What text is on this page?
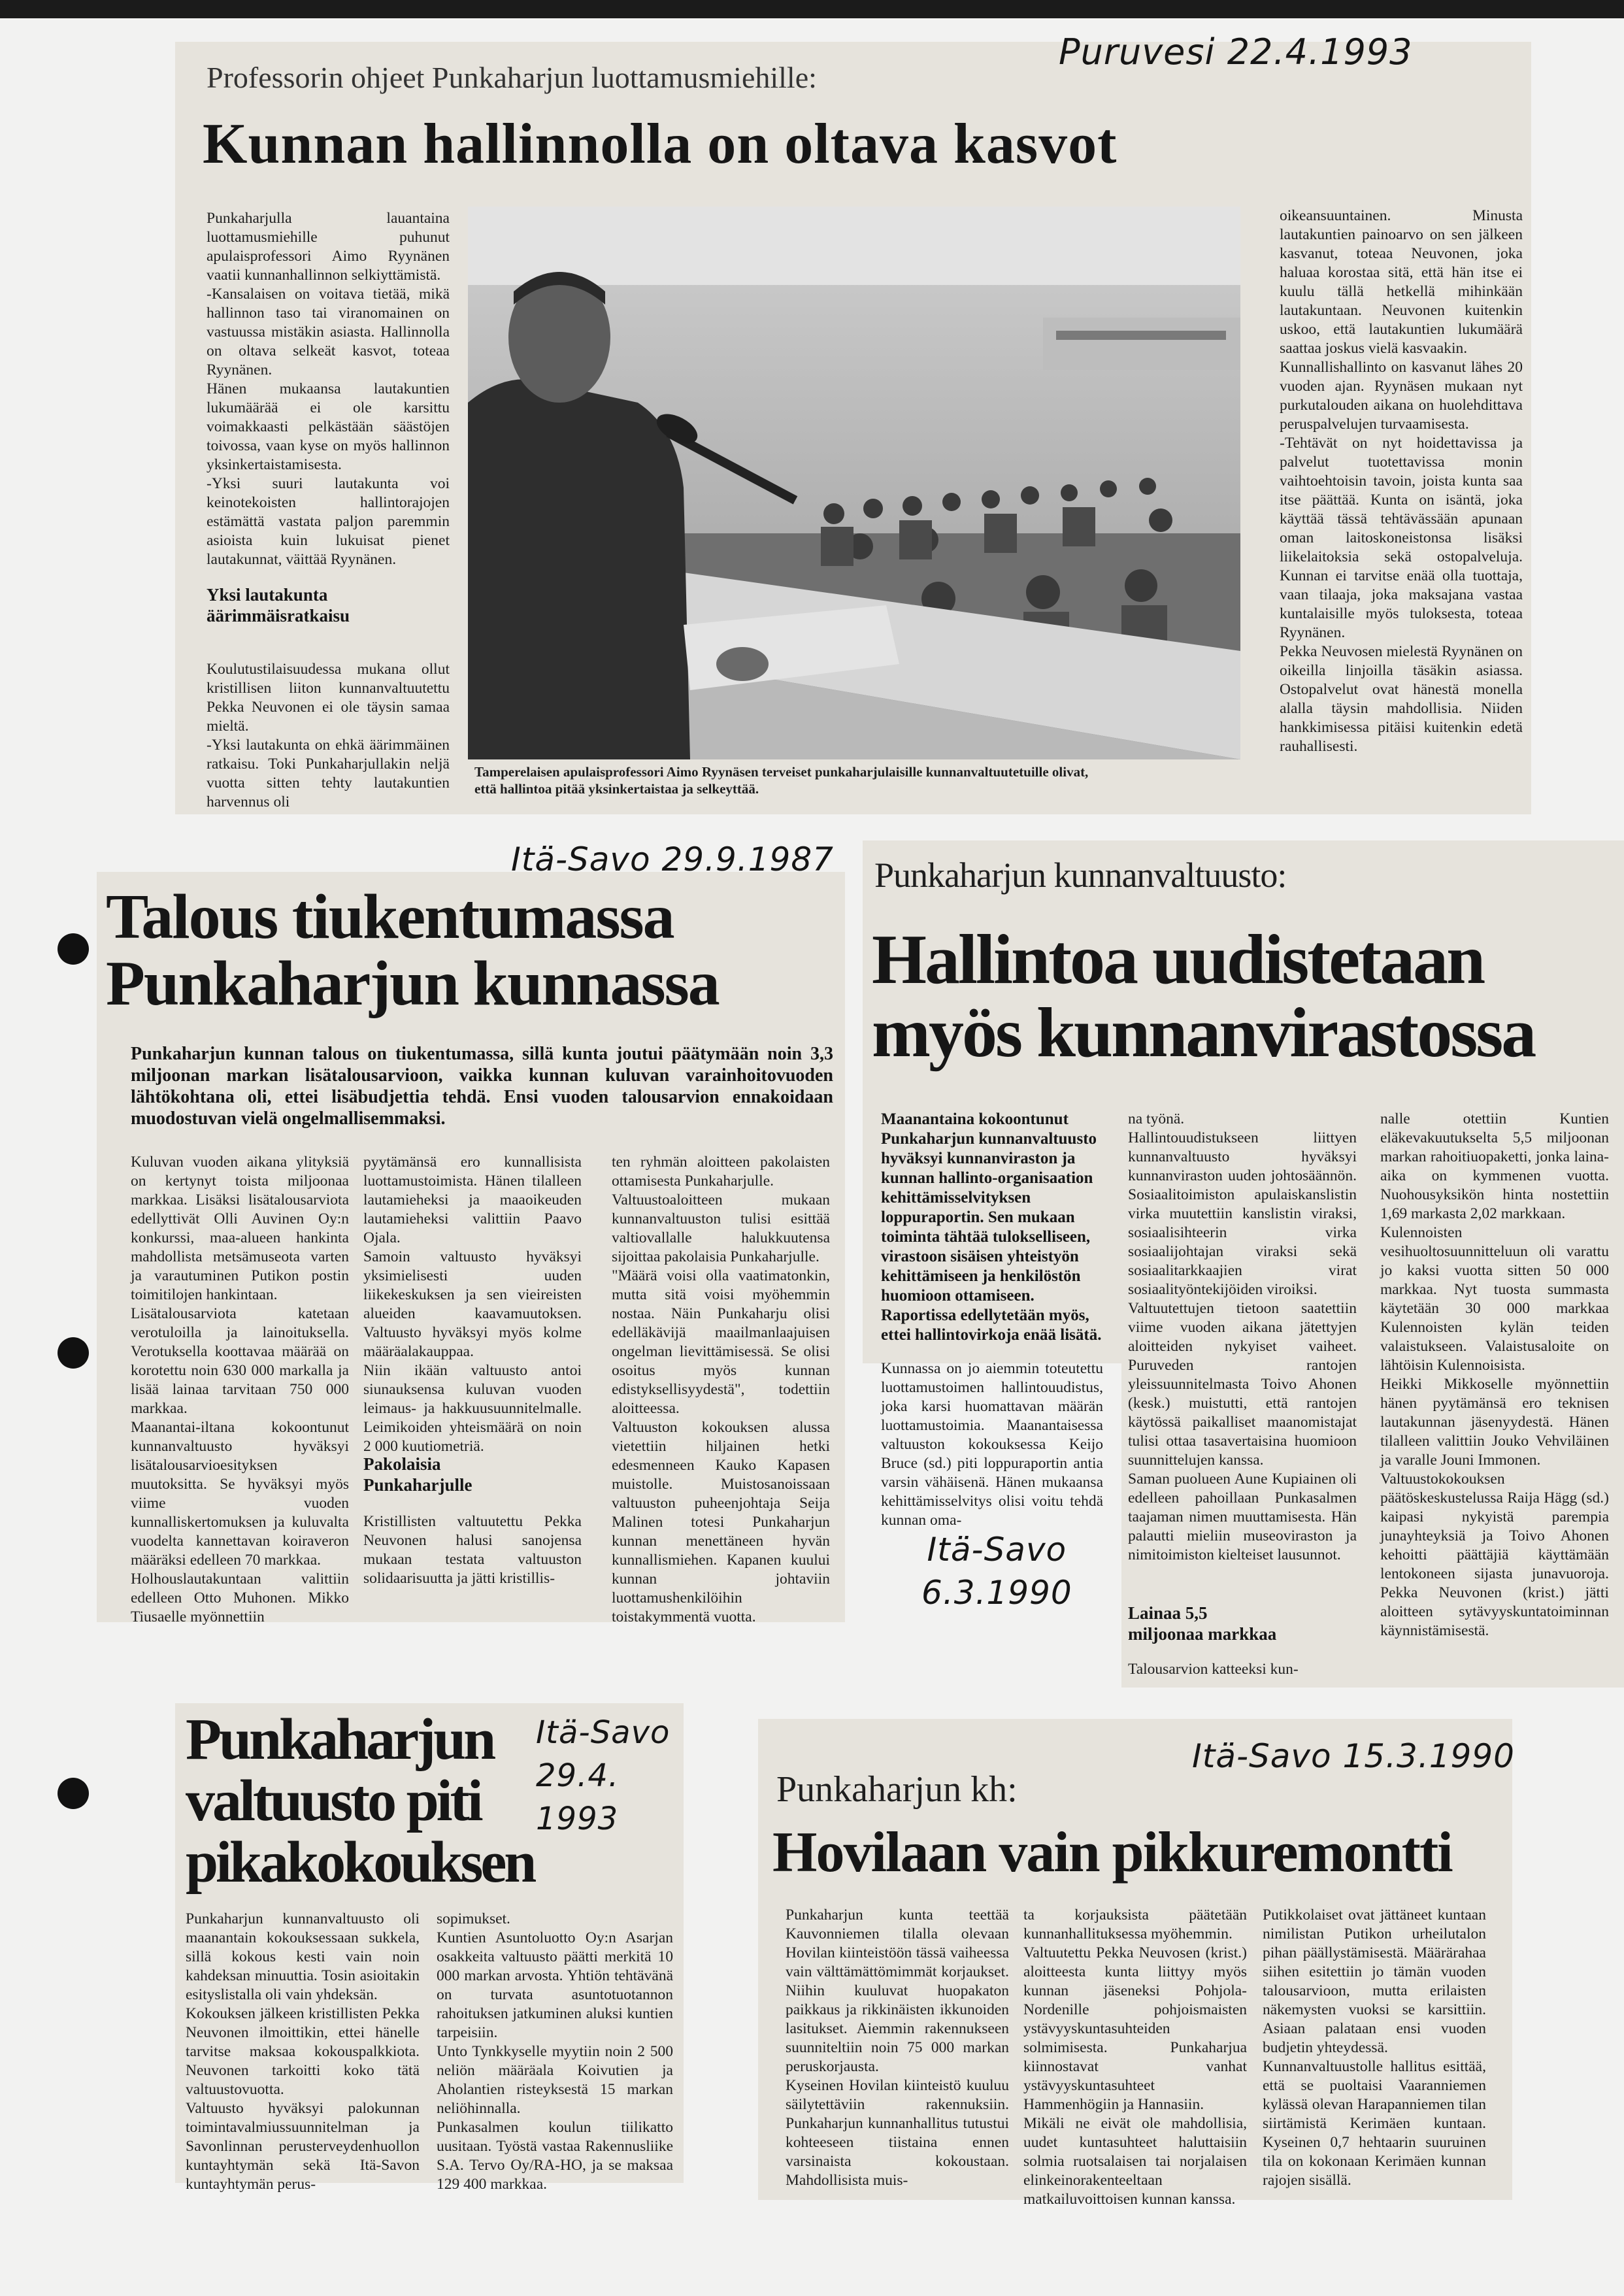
Professorin ohjeet Punkaharjun luottamusmiehille:
Kunnan hallinnolla on oltava kasvot
Punkaharjulla lauantaina luottamusmiehille puhunut apulaisprofessori Aimo Ryynänen vaatii kunnanhallinnon selkiyttämistä.
-Kansalaisen on voitava tietää, mikä hallinnon taso tai viranomainen on vastuussa mistäkin asiasta. Hallinnolla on oltava selkeät kasvot, toteaa Ryynänen.
Hänen mukaansa lautakuntien lukumäärää ei ole karsittu voimakkaasti pelkästään säästöjen toivossa, vaan kyse on myös hallinnon yksinkertaistamisesta.
-Yksi suuri lautakunta voi keinotekoisten hallintorajojen estämättä vastata paljon paremmin asioista kuin lukuisat pienet lautakunnat, väittää Ryynänen.
Yksi lautakunta
äärimmäisratkaisu
Koulutustilaisuudessa mukana ollut kristillisen liiton kunnanvaltuutettu Pekka Neuvonen ei ole täysin samaa mieltä.
-Yksi lautakunta on ehkä äärimmäinen ratkaisu. Toki Punkaharjullakin neljä vuotta sitten tehty lautakuntien harvennus oli
Tamperelaisen apulaisprofessori Aimo Ryynäsen terveiset punkaharjulaisille kunnanvaltuutetuille olivat,
että hallintoa pitää yksinkertaistaa ja selkeyttää.
oikeansuuntainen. Minusta lautakuntien painoarvo on sen jälkeen kasvanut, toteaa Neuvonen, joka haluaa korostaa sitä, että hän itse ei kuulu tällä hetkellä mihinkään lautakuntaan. Neuvonen kuitenkin uskoo, että lautakuntien lukumäärä saattaa joskus vielä kasvaakin.
Kunnallishallinto on kasvanut lähes 20 vuoden ajan. Ryynäsen mukaan nyt purkutalouden aikana on huolehdittava peruspalvelujen turvaamisesta.
-Tehtävät on nyt hoidettavissa ja palvelut tuotettavissa monin vaihtoehtoisin tavoin, joista kunta saa itse päättää. Kunta on isäntä, joka käyttää tässä tehtävässään apunaan oman laitoskoneistonsa lisäksi liikelaitoksia sekä ostopalveluja. Kunnan ei tarvitse enää olla tuottaja, vaan tilaaja, joka maksajana vastaa kuntalaisille myös tuloksesta, toteaa Ryynänen.
Pekka Neuvosen mielestä Ryynänen on oikeilla linjoilla täsäkin asiassa. Ostopalvelut ovat hänestä monella alalla täysin mahdollisia. Niiden hankkimisessa pitäisi kuitenkin edetä rauhallisesti.
Puruvesi 22.4.1993
Talous tiukentumassa
Punkaharjun kunnassa
Punkaharjun kunnan talous on tiukentumassa, sillä kunta joutui päätymään noin 3,3 miljoonan markan lisätalousarvioon, vaikka kunnan kuluvan varainhoitovuoden lähtökohtana oli, ettei lisäbudjettia tehdä. Ensi vuoden talousarvion ennakoidaan muodostuvan vielä ongelmallisemmaksi.
Kuluvan vuoden aikana ylityksiä on kertynyt toista miljoonaa markkaa. Lisäksi lisätalousarviota edellyttivät Olli Auvinen Oy:n konkurssi, maa-alueen hankinta mahdollista metsämuseota varten ja varautuminen Putikon postin toimitilojen hankintaan.
Lisätalousarviota katetaan verotuloilla ja lainoituksella. Verotuksella koottavaa määrää on korotettu noin 630 000 markalla ja lisää lainaa tarvitaan 750 000 markkaa.
Maanantai-iltana kokoontunut kunnanvaltuusto hyväksyi lisätalousarvioesityksen muutoksitta. Se hyväksyi myös viime vuoden kunnalliskertomuksen ja kuluvalta vuodelta kannettavan koiraveron määräksi edelleen 70 markkaa.
Holhouslautakuntaan valittiin edelleen Otto Muhonen. Mikko Tiusaelle myönnettiin
pyytämänsä ero kunnallisista luottamustoimista. Hänen tilalleen lautamieheksi ja maaoikeuden lautamieheksi valittiin Paavo Ojala.
Samoin valtuusto hyväksyi yksimielisesti uuden liikekeskuksen ja sen vieireisten alueiden kaavamuutoksen. Valtuusto hyväksyi myös kolme määräalakauppaa.
Niin ikään valtuusto antoi siunauksensa kuluvan vuoden leimaus- ja hakkuusuunnitelmalle. Leimikoiden yhteismäärä on noin 2 000 kuutiometriä.
Pakolaisia
Punkaharjulle
Kristillisten valtuutettu Pekka Neuvonen halusi sanojensa mukaan testata valtuuston solidaarisuutta ja jätti kristillis-
ten ryhmän aloitteen pakolaisten ottamisesta Punkaharjulle.
Valtuustoaloitteen mukaan kunnanvaltuuston tulisi esittää valtiovallalle halukkuutensa sijoittaa pakolaisia Punkaharjulle.
"Määrä voisi olla vaatimatonkin, mutta sitä voisi myöhemmin nostaa. Näin Punkaharju olisi edelläkävijä maailmanlaajuisen ongelman lievittämisessä. Se olisi osoitus myös kunnan edistyksellisyydestä", todettiin aloitteessa.
Valtuuston kokouksen alussa vietettiin hiljainen hetki edesmenneen Kauko Kapasen muistolle. Muistosanoissaan valtuuston puheenjohtaja Seija Malinen totesi Punkaharjun kunnan menettäneen hyvän kunnallismiehen. Kapanen kuului kunnan johtaviin luottamushenkilöihin toistakymmentä vuotta.
Itä-Savo 29.9.1987 Punkaharjun kunnanvaltuusto:
Hallintoa uudistetaan
myös kunnanvirastossa
Maanantaina kokoontunut Punkaharjun kunnanvaltuusto hyväksyi kunnanviraston ja kunnan hallinto-organisaation kehittämisselvityksen loppuraportin. Sen mukaan toiminta tähtää tulokselliseen, virastoon sisäisen yhteistyön kehittämiseen ja henkilöstön huomioon ottamiseen. Raportissa edellytetään myös, ettei hallintovirkoja enää lisätä.
Kunnassa on jo aiemmin toteutettu luottamustoimen hallintouudistus, joka karsi huomattavan määrän luottamustoimia. Maanantaisessa valtuuston kokouksessa Keijo Bruce (sd.) piti loppuraportin antia varsin vähäisenä. Hänen mukaansa kehittämisselvitys olisi voitu tehdä kunnan oma-
na työnä.
Hallintouudistukseen liittyen kunnanvaltuusto hyväksyi kunnanviraston uuden johtosäännön. Sosiaalitoimiston apulaiskanslistin virka muutettiin kanslistin viraksi, sosiaalisihteerin virka sosiaalijohtajan viraksi sekä sosiaalitarkkaajien virat sosiaalityöntekijöiden viroiksi.
Valtuutettujen tietoon saatettiin viime vuoden aikana jätettyjen aloitteiden nykyiset vaiheet. Puruveden rantojen yleissuunnitelmasta Toivo Ahonen (kesk.) muistutti, että rantojen käytössä paikalliset maanomistajat tulisi ottaa tasavertaisina huomioon suunnittelujen kanssa.
Saman puolueen Aune Kupiainen oli edelleen pahoillaan Punkasalmen taajaman nimen muuttamisesta. Hän palautti mieliin museoviraston ja nimitoimiston kielteiset lausunnot.
Lainaa 5,5
miljoonaa markkaa
Talousarvion katteeksi kun-
nalle otettiin Kuntien eläkevakuutukselta 5,5 miljoonan markan rahoitiuopaketti, jonka laina-aika on kymmenen vuotta. Nuohousyksikön hinta nostettiin 1,69 markasta 2,02 markkaan.
Kulennoisten vesihuoltosuunnitteluun oli varattu jo kaksi vuotta sitten 50 000 markkaa. Nyt tuosta summasta käytetään 30 000 markkaa Kulennoisten kylän teiden valaistukseen. Valaistusaloite on lähtöisin Kulennoisista.
Heikki Mikkoselle myönnettiin hänen pyytämänsä ero teknisen lautakunnan jäsenyydestä. Hänen tilalleen valittiin Jouko Vehviläinen ja varalle Jouni Immonen.
Valtuustokokouksen päätöskeskustelussa Raija Hägg (sd.) kaipasi nykyistä parempia junayhteyksiä ja Toivo Ahonen kehoitti päättäjiä käyttämään lentokoneen sijasta junavuoroja. Pekka Neuvonen (krist.) jätti aloitteen sytävyyskuntatoiminnan käynnistämisestä.
Itä-Savo
6.3.1990
Punkaharjun
valtuusto piti
pikakokouksen
Punkaharjun kunnanvaltuusto oli maanantain kokouksessaan sukkela, sillä kokous kesti vain noin kahdeksan minuuttia. Tosin asioitakin esityslistalla oli vain yhdeksän.
Kokouksen jälkeen kristillisten Pekka Neuvonen ilmoittikin, ettei hänelle tarvitse maksaa kokouspalkkiota. Neuvonen tarkoitti koko tätä valtuustovuotta.
Valtuusto hyväksyi palokunnan toimintavalmiussuunnitelman ja Savonlinnan perusterveydenhuollon kuntayhtymän sekä Itä-Savon kuntayhtymän perus-
sopimukset.
Kuntien Asuntoluotto Oy:n Asarjan osakkeita valtuusto päätti merkitä 10 000 markan arvosta. Yhtiön tehtävänä on turvata asuntotuotannon rahoituksen jatkuminen aluksi kuntien tarpeisiin.
Unto Tynkkyselle myytiin noin 2 500 neliön määräala Koivutien ja Aholantien risteyksestä 15 markan neliöhinnalla.
Punkasalmen koulun tiilikatto uusitaan. Työstä vastaa Rakennusliike S.A. Tervo Oy/RA-HO, ja se maksaa 129 400 markkaa.
Itä-Savo
29.4.
1993
Punkaharjun kh:
Hovilaan vain pikkuremontti
Punkaharjun kunta teettää Kauvonniemen tilalla olevaan Hovilan kiinteistöön tässä vaiheessa vain välttämättömimmät korjaukset. Niihin kuuluvat huopakaton paikkaus ja rikkinäisten ikkunoiden lasitukset. Aiemmin rakennukseen suunniteltiin noin 75 000 markan peruskorjausta.
Kyseinen Hovilan kiinteistö kuuluu säilytettäviin rakennuksiin. Punkaharjun kunnanhallitus tutustui kohteeseen tiistaina ennen varsinaista kokoustaan. Mahdollisista muis-
ta korjauksista päätetään kunnanhallituksessa myöhemmin.
Valtuutettu Pekka Neuvosen (krist.) aloitteesta kunta liittyy myös kunnan jäseneksi Pohjola-Nordenille pohjoismaisten ystävyyskuntasuhteiden solmimisesta. Punkaharjua kiinnostavat vanhat ystävyyskuntasuhteet Hammenhögiin ja Hannasiin.
Mikäli ne eivät ole mahdollisia, uudet kuntasuhteet haluttaisiin solmia ruotsalaisen tai norjalaisen elinkeinorakenteeltaan matkailuvoittoisen kunnan kanssa.
Putikkolaiset ovat jättäneet kuntaan nimilistan Putikon urheilutalon pihan päällystämisestä. Määrärahaa siihen esitettiin jo tämän vuoden talousarvioon, mutta erilaisten näkemysten vuoksi se karsittiin. Asiaan palataan ensi vuoden budjetin yhteydessä.
Kunnanvaltuustolle hallitus esittää, että se puoltaisi Vaaranniemen kylässä olevan Harapanniemen tilan siirtämistä Kerimäen kuntaan. Kyseinen 0,7 hehtaarin suuruinen tila on kokonaan Kerimäen kunnan rajojen sisällä.
Itä-Savo 15.3.1990
